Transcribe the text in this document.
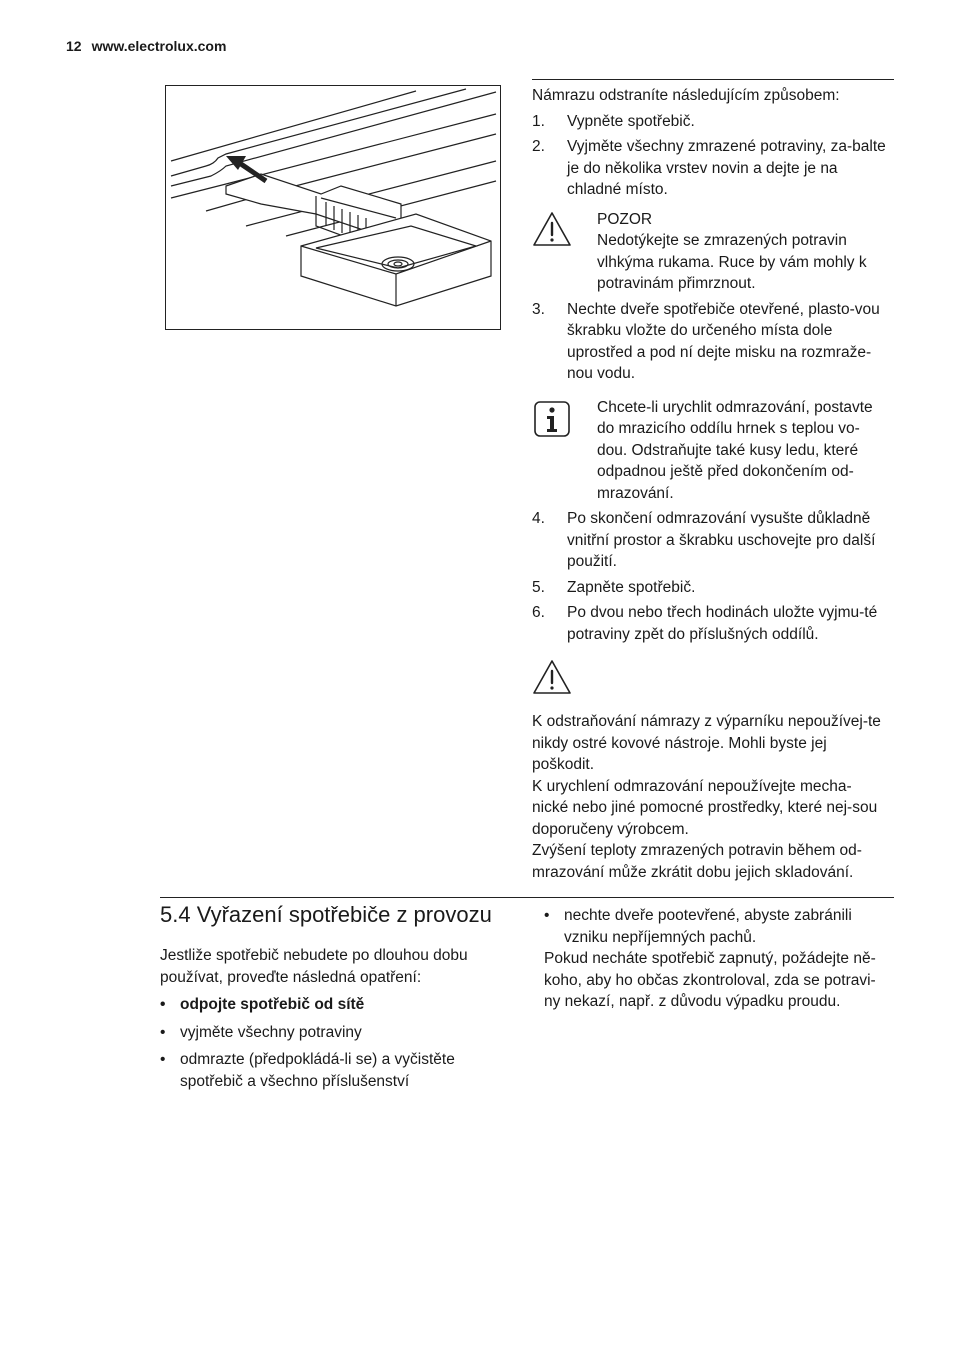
12 www.electrolux.com

Námrazu odstraníte následujícím způsobem:

1. Vypněte spotřebič.
2. Vyjměte všechny zmrazené potraviny, za-balte je do několika vrstev novin a dejte je na chladné místo.
POZOR
Nedotýkejte se zmrazených potravin vlhkýma rukama. Ruce by vám mohly k potravinám přimrznout.
3. Nechte dveře spotřebiče otevřené, plasto-vou škrabku vložte do určeného místa dole uprostřed a pod ní dejte misku na rozmraže-nou vodu.
Chcete-li urychlit odmrazování, postavte do mrazicího oddílu hrnek s teplou vo-dou. Odstraňujte také kusy ledu, které odpadnou ještě před dokončením od-mrazování.
4. Po skončení odmrazování vysušte důkladně vnitřní prostor a škrabku uschovejte pro další použití.
5. Zapněte spotřebič.
6. Po dvou nebo třech hodinách uložte vyjmu-té potraviny zpět do příslušných oddílů.
K odstraňování námrazy z výparníku nepoužívej-te nikdy ostré kovové nástroje. Mohli byste jej poškodit.
K urychlení odmrazování nepoužívejte mecha-nické nebo jiné pomocné prostředky, které nej-sou doporučeny výrobcem.
Zvýšení teploty zmrazených potravin během od-mrazování může zkrátit dobu jejich skladování.
5.4 Vyřazení spotřebiče z provozu

Jestliže spotřebič nebudete po dlouhou dobu používat, proveďte následná opatření:

• odpojte spotřebič od sítě
• vyjměte všechny potraviny
• odmrazte (předpokládá-li se) a vyčistěte spotřebič a všechno příslušenství
• nechte dveře pootevřené, abyste zabránili vzniku nepříjemných pachů.

Pokud necháte spotřebič zapnutý, požádejte ně-koho, aby ho občas zkontroloval, zda se potravi-ny nekazí, např. z důvodu výpadku proudu.
